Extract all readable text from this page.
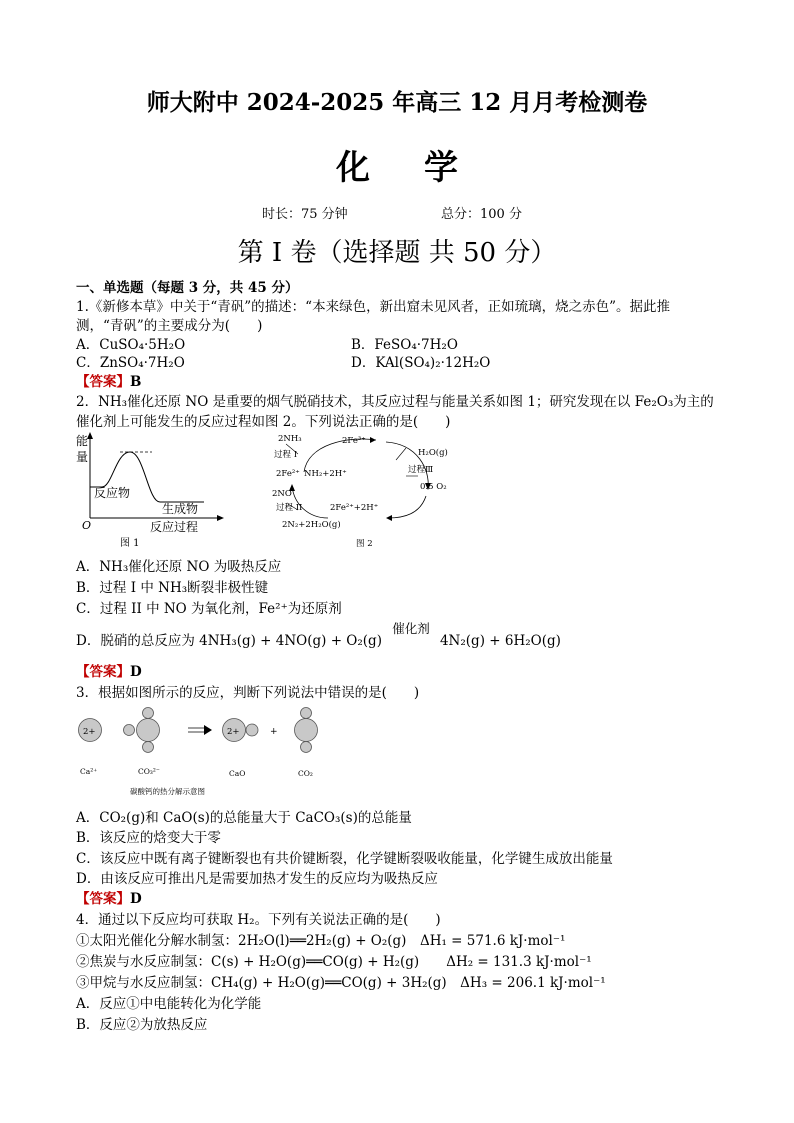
师大附中 2024-2025 年高三 12 月月考检测卷
化学
时长：75 分钟	总分：100 分
第 I 卷（选择题 共 50 分）
一、单选题（每题 3 分，共 45 分）
1.《新修本草》中关于“青矾”的描述：“本来绿色，新出窟未见风者，正如琉璃，烧之赤色”。据此推
测，“青矾”的主要成分为(　　)
A．CuSO₄·5H₂O	B．FeSO₄·7H₂O
C．ZnSO₄·7H₂O	D．KAl(SO₄)₂·12H₂O
【答案】B
2．NH₃催化还原 NO 是重要的烟气脱硝技术，其反应过程与能量关系如图 1；研究发现在以 Fe₂O₃为主的
催化剂上可能发生的反应过程如图 2。下列说法正确的是(　　)
能
量
反应物
生成物
O	反应过程
图 1
2NH₃	2Fe³⁺
过程 I
2Fe²⁺ NH₂+2H⁺
H₂O(g)
过程Ⅲ
0.5 O₂
2NO
过程 II	2Fe²⁺+2H⁺
2N₂+2H₂O(g)
图 2
A．NH₃催化还原 NO 为吸热反应
B．过程 I 中 NH₃断裂非极性键
C．过程 II 中 NO 为氧化剂，Fe²⁺为还原剂
D．脱硝的总反应为 4NH₃(g) + 4NO(g) + O₂(g)
催化剂
4N₂(g) + 6H₂O(g)
【答案】D
3．根据如图所示的反应，判断下列说法中错误的是(　　)
2+	2+	+
Ca²⁺	CO₃²⁻	CaO	CO₂
碳酸钙的热分解示意图
A．CO₂(g)和 CaO(s)的总能量大于 CaCO₃(s)的总能量
B．该反应的焓变大于零
C．该反应中既有离子键断裂也有共价键断裂，化学键断裂吸收能量，化学键生成放出能量
D．由该反应可推出凡是需要加热才发生的反应均为吸热反应
【答案】D
4．通过以下反应均可获取 H₂。下列有关说法正确的是(　　)
①太阳光催化分解水制氢：2H₂O(l)══2H₂(g) + O₂(g)　ΔH₁ = 571.6 kJ·mol⁻¹
②焦炭与水反应制氢：C(s) + H₂O(g)══CO(g) + H₂(g)　　ΔH₂ = 131.3 kJ·mol⁻¹
③甲烷与水反应制氢：CH₄(g) + H₂O(g)══CO(g) + 3H₂(g)　ΔH₃ = 206.1 kJ·mol⁻¹
A．反应①中电能转化为化学能
B．反应②为放热反应
